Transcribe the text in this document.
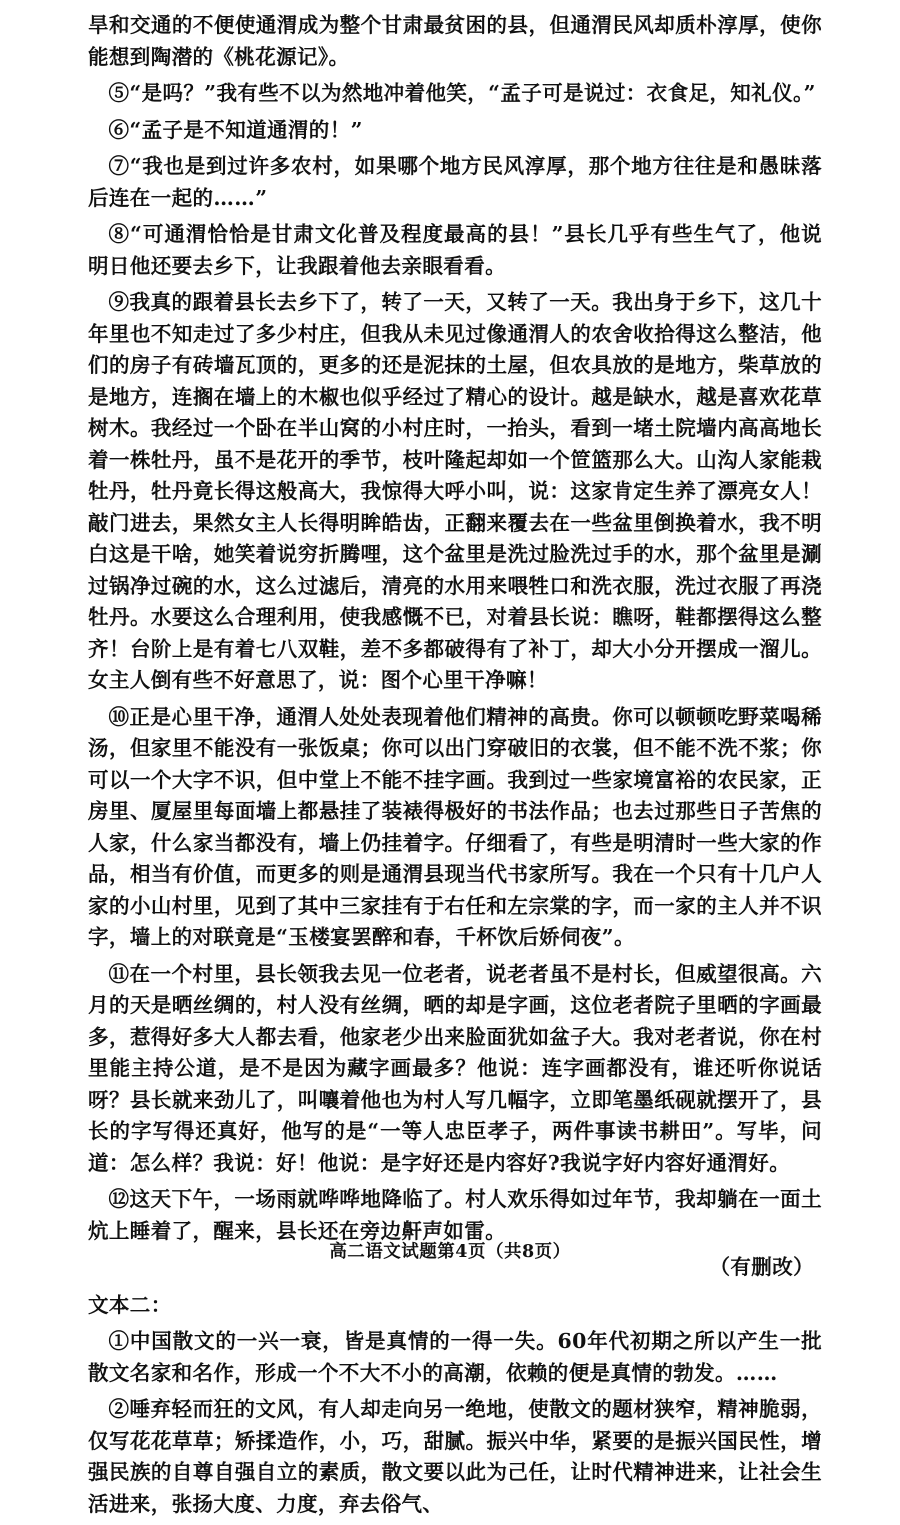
旱和交通的不便使通渭成为整个甘肃最贫困的县，但通渭民风却质朴淳厚，使你能想到陶潜的《桃花源记》。

⑤“是吗？”我有些不以为然地冲着他笑，“孟子可是说过：衣食足，知礼仪。”

⑥“孟子是不知道通渭的！”

⑦“我也是到过许多农村，如果哪个地方民风淳厚，那个地方往往是和愚昧落后连在一起的……”

⑧“可通渭恰恰是甘肃文化普及程度最高的县！”县长几乎有些生气了，他说明日他还要去乡下，让我跟着他去亲眼看看。

⑨我真的跟着县长去乡下了，转了一天，又转了一天。我出身于乡下，这几十年里也不知走过了多少村庄，但我从未见过像通渭人的农舍收拾得这么整洁，他们的房子有砖墙瓦顶的，更多的还是泥抹的土屋，但农具放的是地方，柴草放的是地方，连搁在墙上的木椒也似乎经过了精心的设计。越是缺水，越是喜欢花草树木。我经过一个卧在半山窝的小村庄时，一抬头，看到一堵土院墙内高高地长着一株牡丹，虽不是花开的季节，枝叶隆起却如一个笸篮那么大。山沟人家能栽牡丹，牡丹竟长得这般高大，我惊得大呼小叫，说：这家肯定生养了漂亮女人！敲门进去，果然女主人长得明眸皓齿，正翻来覆去在一些盆里倒换着水，我不明白这是干啥，她笑着说穷折腾哩，这个盆里是洗过脸洗过手的水，那个盆里是涮过锅净过碗的水，这么过滤后，清亮的水用来喂牲口和洗衣服，洗过衣服了再浇牡丹。水要这么合理利用，使我感慨不已，对着县长说：瞧呀，鞋都摆得这么整齐！台阶上是有着七八双鞋，差不多都破得有了补丁，却大小分开摆成一溜儿。女主人倒有些不好意思了，说：图个心里干净嘛！

⑩正是心里干净，通渭人处处表现着他们精神的高贵。你可以顿顿吃野菜喝稀汤，但家里不能没有一张饭桌；你可以出门穿破旧的衣裳，但不能不洗不浆；你可以一个大字不识，但中堂上不能不挂字画。我到过一些家境富裕的农民家，正房里、厦屋里每面墙上都悬挂了装裱得极好的书法作品；也去过那些日子苦焦的人家，什么家当都没有，墙上仍挂着字。仔细看了，有些是明清时一些大家的作品，相当有价值，而更多的则是通渭县现当代书家所写。我在一个只有十几户人家的小山村里，见到了其中三家挂有于右任和左宗棠的字，而一家的主人并不识字，墙上的对联竟是“玉楼宴罢醉和春，千杯饮后娇伺夜”。

⑪在一个村里，县长领我去见一位老者，说老者虽不是村长，但威望很高。六月的天是晒丝绸的，村人没有丝绸，晒的却是字画，这位老者院子里晒的字画最多，惹得好多大人都去看，他家老少出来脸面犹如盆子大。我对老者说，你在村里能主持公道，是不是因为藏字画最多？他说：连字画都没有，谁还听你说话呀？县长就来劲儿了，叫嚷着他也为村人写几幅字，立即笔墨纸砚就摆开了，县长的字写得还真好，他写的是“一等人忠臣孝子，两件事读书耕田”。写毕，问道：怎么样？我说：好！他说：是字好还是内容好?我说字好内容好通渭好。

⑫这天下午，一场雨就哗哗地降临了。村人欢乐得如过年节，我却躺在一面土炕上睡着了，醒来，县长还在旁边鼾声如雷。

（有删改）

文本二：

①中国散文的一兴一衰，皆是真情的一得一失。60年代初期之所以产生一批散文名家和名作，形成一个不大不小的高潮，依赖的便是真情的勃发。……

②唾弃轻而狂的文风，有人却走向另一绝地，使散文的题材狭窄，精神脆弱，仅写花花草草；矫揉造作，小，巧，甜腻。振兴中华，紧要的是振兴国民性，增强民族的自尊自强自立的素质，散文要以此为己任，让时代精神进来，让社会生活进来，张扬大度、力度，弃去俗气、

高二语文试题第4页（共8页）
